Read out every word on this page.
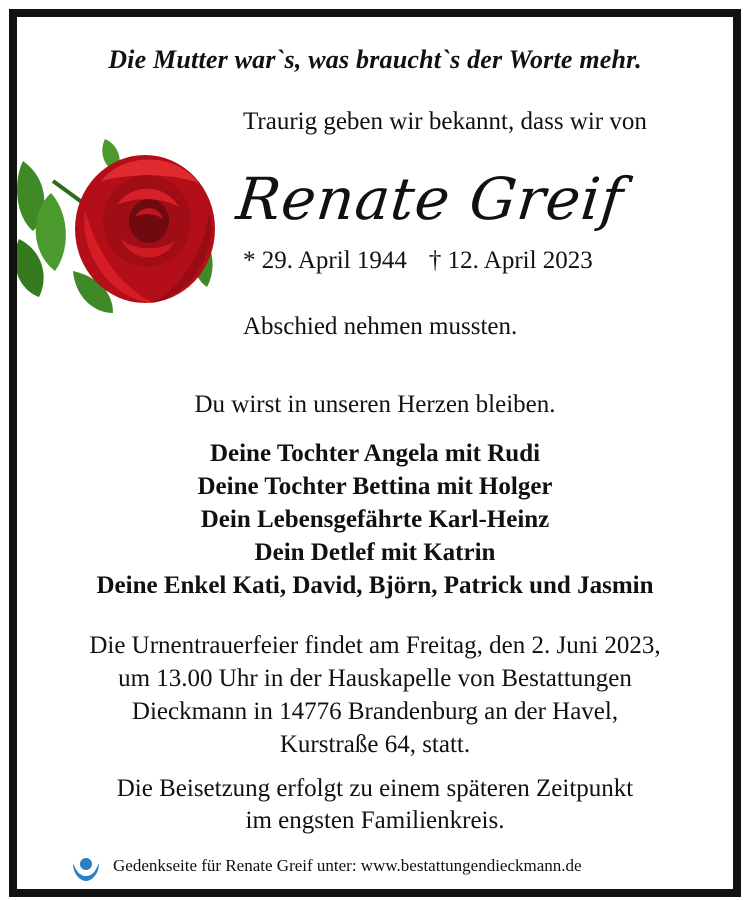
Die Mutter war`s, was braucht`s der Worte mehr.
Traurig geben wir bekannt, dass wir von
Renate Greif
* 29. April 1944 † 12. April 2023
Abschied nehmen mussten.
Du wirst in unseren Herzen bleiben.
Deine Tochter Angela mit Rudi
Deine Tochter Bettina mit Holger
Dein Lebensgefährte Karl-Heinz
Dein Detlef mit Katrin
Deine Enkel Kati, David, Björn, Patrick und Jasmin
Die Urnentrauerfeier findet am Freitag, den 2. Juni 2023,
um 13.00 Uhr in der Hauskapelle von Bestattungen
Dieckmann in 14776 Brandenburg an der Havel,
Kurstraße 64, statt.
Die Beisetzung erfolgt zu einem späteren Zeitpunkt
im engsten Familienkreis.
Gedenkseite für Renate Greif unter: www.bestattungendieckmann.de
